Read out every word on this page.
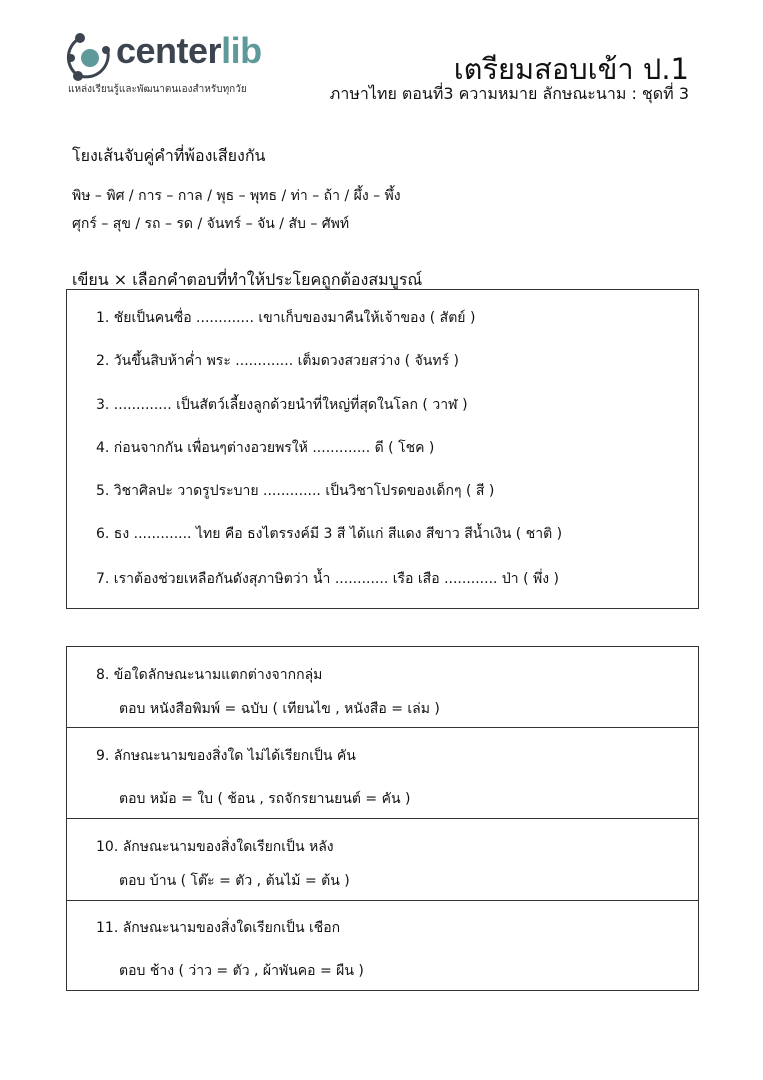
centerlib
แหล่งเรียนรู้และพัฒนาตนเองสำหรับทุกวัย
เตรียมสอบเข้า ป.1
ภาษาไทย ตอนที่3 ความหมาย ลักษณะนาม : ชุดที่ 3
โยงเส้นจับคู่คำที่พ้องเสียงกัน
พิษ – พิศ / การ – กาล / พุธ – พุทธ / ท่า – ถ้า / ผึ้ง – พึ้ง
ศุกร์ – สุข / รถ – รด / จันทร์ – จัน / สับ – ศัพท์
เขียน × เลือกคำตอบที่ทำให้ประโยคถูกต้องสมบูรณ์
1. ชัยเป็นคนซื่อ ............. เขาเก็บของมาคืนให้เจ้าของ ( สัตย์ )
2. วันขึ้นสิบห้าค่ำ พระ ............. เต็มดวงสวยสว่าง ( จันทร์ )
3. ............. เป็นสัตว์เลี้ยงลูกด้วยนำที่ใหญ่ที่สุดในโลก ( วาฬ )
4. ก่อนจากกัน เพื่อนๆต่างอวยพรให้ ............. ดี ( โชค )
5. วิชาศิลปะ วาดรูประบาย ............. เป็นวิชาโปรดของเด็กๆ ( สี )
6. ธง ............. ไทย คือ ธงไตรรงค์มี 3 สี ได้แก่ สีแดง สีขาว สีน้ำเงิน ( ชาติ )
7. เราต้องช่วยเหลือกันดังสุภาษิตว่า น้ำ ............ เรือ เสือ ............ ป่า ( พึ่ง )
8. ข้อใดลักษณะนามแตกต่างจากกลุ่ม
ตอบ หนังสือพิมพ์ = ฉบับ ( เทียนไข , หนังสือ = เล่ม )
9. ลักษณะนามของสิ่งใด ไม่ได้เรียกเป็น คัน
ตอบ หม้อ = ใบ ( ช้อน , รถจักรยานยนต์ = คัน )
10. ลักษณะนามของสิ่งใดเรียกเป็น หลัง
ตอบ บ้าน ( โต๊ะ = ตัว , ต้นไม้ = ต้น )
11. ลักษณะนามของสิ่งใดเรียกเป็น เชือก
ตอบ ช้าง ( ว่าว = ตัว , ผ้าพันคอ = ผืน )
